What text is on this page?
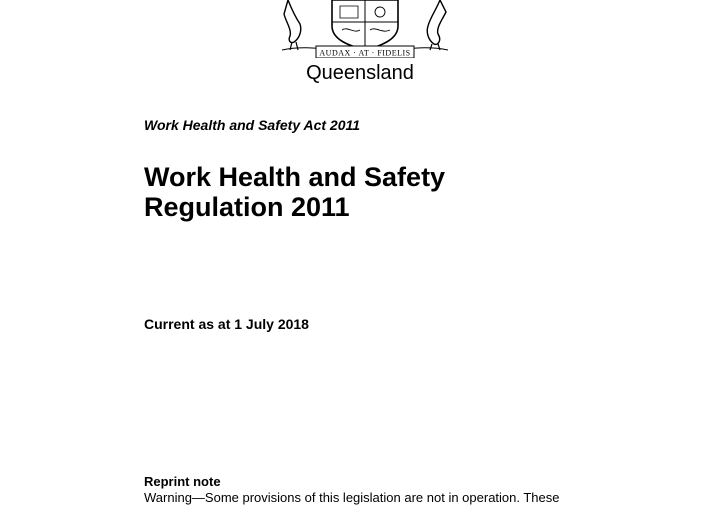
AUDAX · AT · FIDELIS
Queensland
Work Health and Safety Act 2011
Work Health and Safety
Regulation 2011
Current as at 1 July 2018
Reprint note
Warning—Some provisions of this legislation are not in operation. These
